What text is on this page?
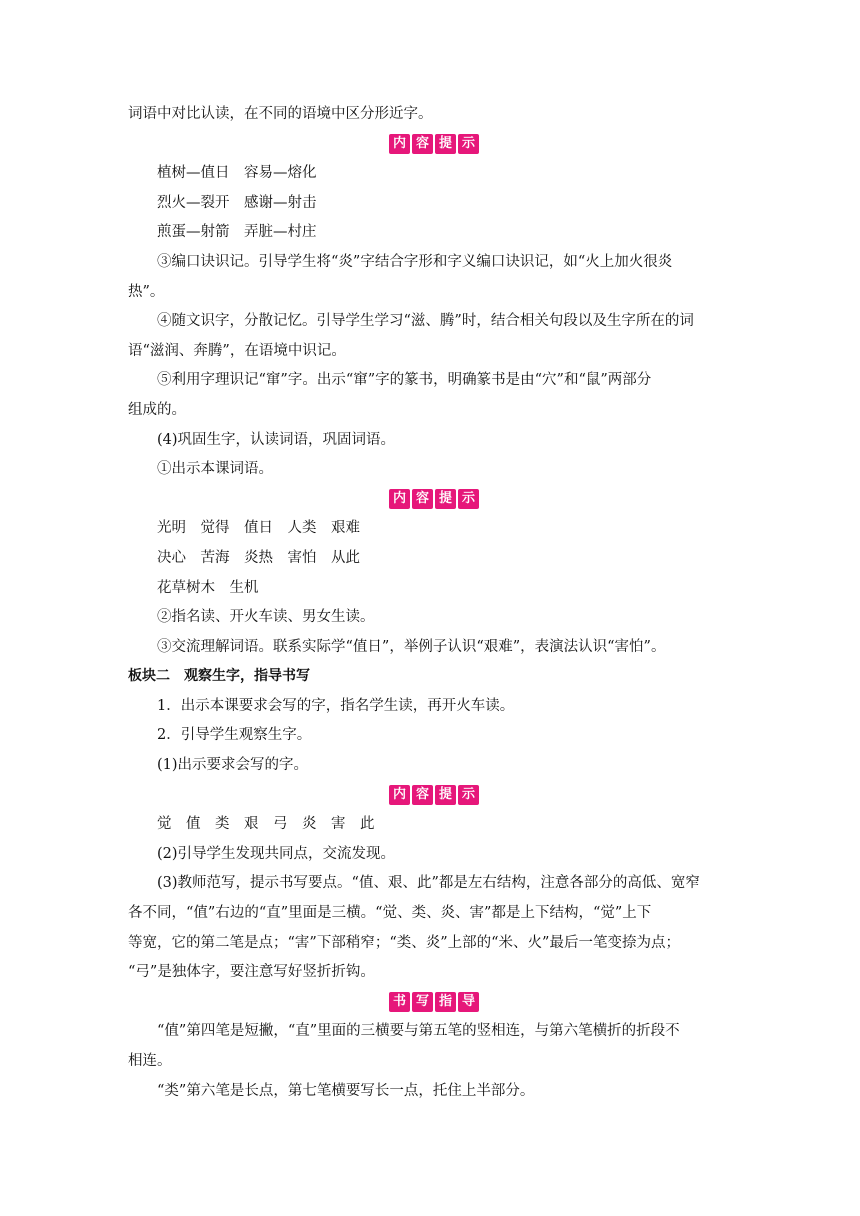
词语中对比认读，在不同的语境中区分形近字。

内 容 提 示

植树—值日　容易—熔化

烈火—裂开　感谢—射击

煎蛋—射箭　弄脏—村庄

③编口诀识记。引导学生将“炎”字结合字形和字义编口诀识记，如“火上加火很炎

热”。

④随文识字，分散记忆。引导学生学习“滋、腾”时，结合相关句段以及生字所在的词

语“滋润、奔腾”，在语境中识记。

⑤利用字理识记“窜”字。出示“窜”字的篆书，明确篆书是由“穴”和“鼠”两部分

组成的。

(4)巩固生字，认读词语，巩固词语。

①出示本课词语。

内 容 提 示

光明　觉得　值日　人类　艰难

决心　苦海　炎热　害怕　从此

花草树木　生机

②指名读、开火车读、男女生读。

③交流理解词语。联系实际学“值日”，举例子认识“艰难”，表演法认识“害怕”。

板块二　观察生字，指导书写

1．出示本课要求会写的字，指名学生读，再开火车读。

2．引导学生观察生字。

(1)出示要求会写的字。

内 容 提 示

觉　值　类　艰　弓　炎　害　此

(2)引导学生发现共同点，交流发现。

(3)教师范写，提示书写要点。“值、艰、此”都是左右结构，注意各部分的高低、宽窄

各不同，“值”右边的“直”里面是三横。“觉、类、炎、害”都是上下结构，“觉”上下

等宽，它的第二笔是点；“害”下部稍窄；“类、炎”上部的“米、火”最后一笔变捺为点；

“弓”是独体字，要注意写好竖折折钩。

书 写 指 导

“值”第四笔是短撇，“直”里面的三横要与第五笔的竖相连，与第六笔横折的折段不

相连。

“类”第六笔是长点，第七笔横要写长一点，托住上半部分。
